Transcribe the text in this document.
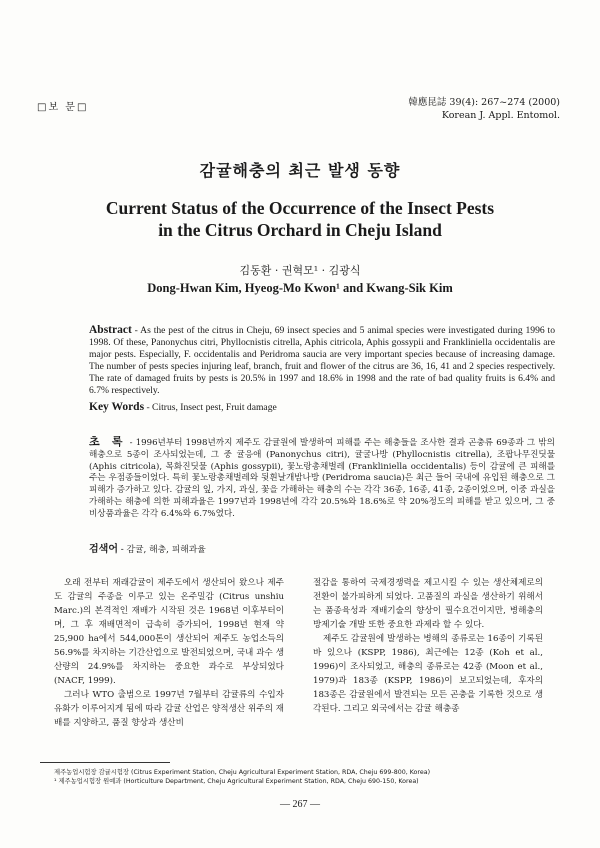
□보 문□	韓應昆誌 39(4): 267~274 (2000)
Korean J. Appl. Entomol.
감귤해충의 최근 발생 동향
Current Status of the Occurrence of the Insect Pests
in the Citrus Orchard in Cheju Island
김동환 · 권혁모¹ · 김광식
Dong-Hwan Kim, Hyeog-Mo Kwon¹ and Kwang-Sik Kim
Abstract - As the pest of the citrus in Cheju, 69 insect species and 5 animal species were investigated during 1996 to 1998. Of these, Panonychus citri, Phyllocnistis citrella, Aphis citricola, Aphis gossypii and Frankliniella occidentalis are major pests. Especially, F. occidentalis and Peridroma saucia are very important species because of increasing damage. The number of pests species injuring leaf, branch, fruit and flower of the citrus are 36, 16, 41 and 2 species respectively. The rate of damaged fruits by pests is 20.5% in 1997 and 18.6% in 1998 and the rate of bad quality fruits is 6.4% and 6.7% respectively.
Key Words - Citrus, Insect pest, Fruit damage
초 록 - 1996년부터 1998년까지 제주도 감귤원에 발생하여 피해를 주는 해충들을 조사한 결과 곤충류 69종과 그 밖의 해충으로 5종이 조사되었는데, 그 중 귤응애 (Panonychus citri), 귤굴나방 (Phyllocnistis citrella), 조팝나무진딧물 (Aphis citricola), 목화진딧물 (Aphis gossypii), 꽃노랑총채벌레 (Frankliniella occidentalis) 등이 감귤에 큰 피해를 주는 우점종들이었다. 특히 꽃노랑총채벌레와 뒷흰날개밤나방 (Peridroma saucia)은 최근 들어 국내에 유입된 해충으로 그 피해가 증가하고 있다. 감귤의 잎, 가지, 과실, 꽃을 가해하는 해충의 수는 각각 36종, 16종, 41종, 2종이었으며, 이중 과실을 가해하는 해충에 의한 피해과율은 1997년과 1998년에 각각 20.5%와 18.6%로 약 20%정도의 피해를 받고 있으며, 그 중 비상품과율은 각각 6.4%와 6.7%였다.
검색어 - 감귤, 해충, 피해과율

오래 전부터 재래감귤이 제주도에서 생산되어 왔으나 제주도 감귤의 주종을 이루고 있는 온주밀감 (Citrus unshiu Marc.)의 본격적인 재배가 시작된 것은 1968년 이후부터이며, 그 후 재배면적이 급속히 증가되어, 1998년 현재 약 25,900 ha에서 544,000톤이 생산되어 제주도 농업소득의 56.9%를 차지하는 기간산업으로 발전되었으며, 국내 과수 생산량의 24.9%를 차지하는 중요한 과수로 부상되었다 (NACF, 1999).

그러나 WTO 출범으로 1997년 7월부터 감귤류의 수입자유화가 이루어지게 됨에 따라 감귤 산업은 양적생산 위주의 재배를 지양하고, 품질 향상과 생산비

절감을 통하여 국제경쟁력을 제고시킬 수 있는 생산체제로의 전환이 불가피하게 되었다. 고품질의 과실을 생산하기 위해서는 품종육성과 재배기술의 향상이 필수요건이지만, 병해충의 방제기술 개발 또한 중요한 과제라 할 수 있다.

제주도 감귤원에 발생하는 병해의 종류로는 16종이 기록된 바 있으나 (KSPP, 1986), 최근에는 12종 (Koh et al., 1996)이 조사되었고, 해충의 종류로는 42종 (Moon et al., 1979)과 183종 (KSPP, 1986)이 보고되었는데, 후자의 183종은 감귤원에서 발견되는 모든 곤충을 기록한 것으로 생각된다. 그리고 외국에서는 감귤 해충종

제주농업시험장 감귤시험장 (Citrus Experiment Station, Cheju Agricultural Experiment Station, RDA, Cheju 699-800, Korea)
¹ 제주농업시험장 원예과 (Horticulture Department, Cheju Agricultural Experiment Station, RDA, Cheju 690-150, Korea)
— 267 —
